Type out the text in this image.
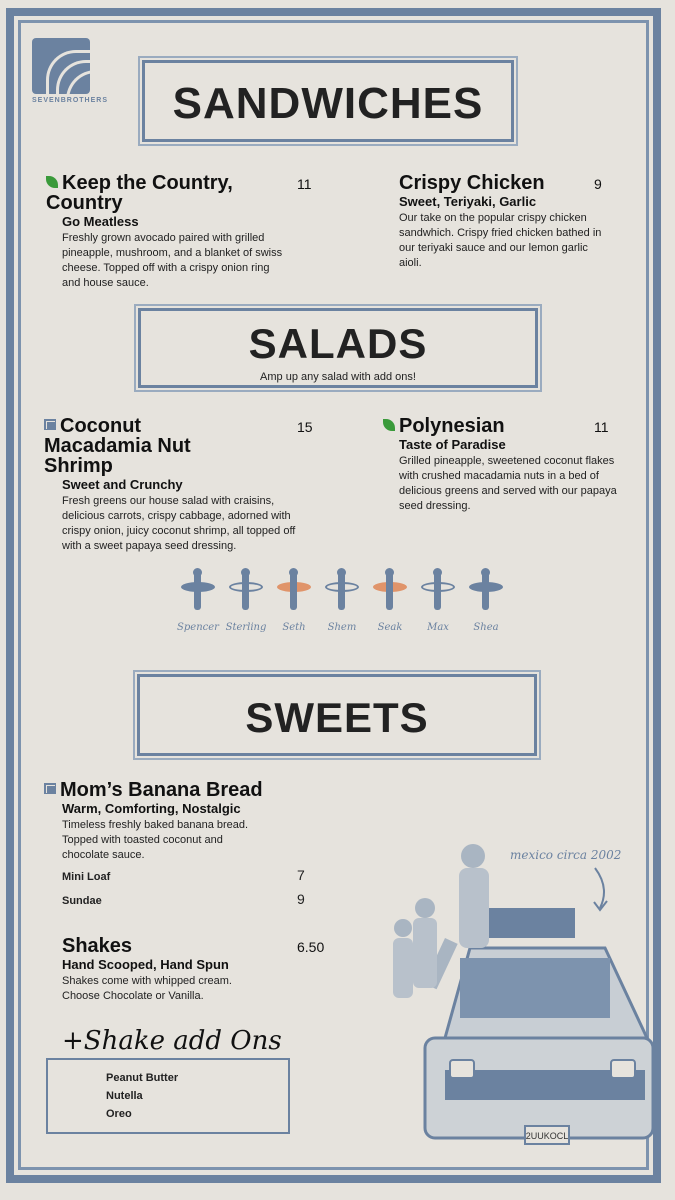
SEVENBROTHERS	SANDWICHES
Keep the Country, Country
Go Meatless
Freshly grown avocado paired with grilled pineapple, mushroom, and a blanket of swiss cheese. Topped off with a crispy onion ring and house sauce.
11	Crispy Chicken
Sweet, Teriyaki, Garlic
Our take on the popular crispy chicken sandwhich. Crispy fried chicken bathed in our teriyaki sauce and our lemon garlic aioli.
9
SALADS
Amp up any salad with add ons!
Coconut Macadamia Nut Shrimp
Sweet and Crunchy
Fresh greens our house salad with craisins, delicious carrots, crispy cabbage, adorned with crispy onion, juicy coconut shrimp, all topped off with a sweet papaya seed dressing.
15	Polynesian
Taste of Paradise
Grilled pineapple, sweetened coconut flakes with crushed macadamia nuts in a bed of delicious greens and served with our papaya seed dressing.
11
Spencer Sterling	Seth	Shem	Seak	Max	Shea
SWEETS
Mom’s Banana Bread
Warm, Comforting, Nostalgic
Timeless freshly baked banana bread. Topped with toasted coconut and chocolate sauce.
Mini Loaf	7
Sundae	9
Shakes
Hand Scooped, Hand Spun
Shakes come with whipped cream. Choose Chocolate or Vanilla.
6.50
+Shake add Ons
Peanut Butter
Nutella
Oreo
mexico circa 2002
2UUKOCL
